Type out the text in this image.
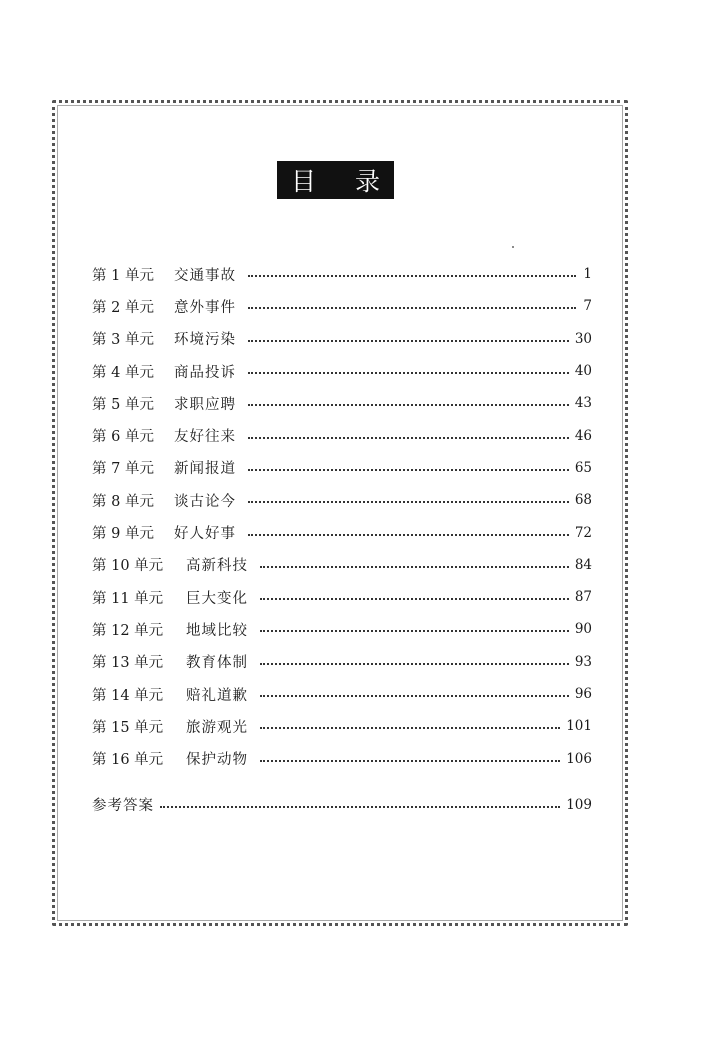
目 录
第 1 单元	交通事故	1
第 2 单元	意外事件	7
第 3 单元	环境污染	30
第 4 单元	商品投诉	40
第 5 单元	求职应聘	43
第 6 单元	友好往来	46
第 7 单元	新闻报道	65
第 8 单元	谈古论今	68
第 9 单元	好人好事	72
第 10 单元	高新科技	84
第 11 单元	巨大变化	87
第 12 单元	地域比较	90
第 13 单元	教育体制	93
第 14 单元	赔礼道歉	96
第 15 单元	旅游观光	101
第 16 单元	保护动物	106
参考答案	109
